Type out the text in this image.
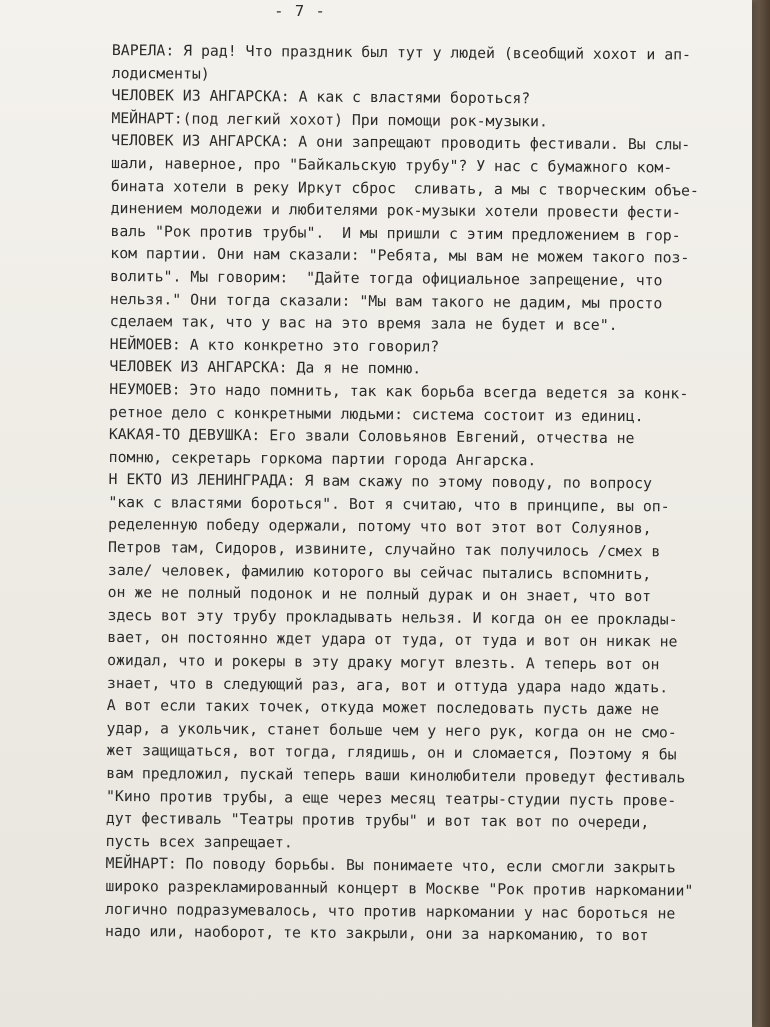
- 7 -
ВАРЕЛА: Я рад! Что праздник был тут у людей (всеобщий хохот и ап-
лодисменты)
ЧЕЛОВЕК ИЗ АНГАРСКА: А как с властями бороться?
МЕЙНАРТ:(под легкий хохот) При помощи рок-музыки.
ЧЕЛОВЕК ИЗ АНГАРСКА: А они запрещают проводить фестивали. Вы слы-
шали, наверное, про "Байкальскую трубу"? У нас с бумажного ком-
бината хотели в реку Иркут сброс  сливать, а мы с творческим объе-
динением молодежи и любителями рок-музыки хотели провести фести-
валь "Рок против трубы".  И мы пришли с этим предложением в гор-
ком партии. Они нам сказали: "Ребята, мы вам не можем такого поз-
волить". Мы говорим:  "Дайте тогда официальное запрещение, что
нельзя." Они тогда сказали: "Мы вам такого не дадим, мы просто
сделаем так, что у вас на это время зала не будет и все".
НЕЙМОЕВ: А кто конкретно это говорил?
ЧЕЛОВЕК ИЗ АНГАРСКА: Да я не помню.
НЕУМОЕВ: Это надо помнить, так как борьба всегда ведется за конк-
ретное дело с конкретными людьми: система состоит из единиц.
КАКАЯ-ТО ДЕВУШКА: Его звали Соловьянов Евгений, отчества не
помню, секретарь горкома партии города Ангарска.
Н ЕКТО ИЗ ЛЕНИНГРАДА: Я вам скажу по этому поводу, по вопросу
"как с властями бороться". Вот я считаю, что в принципе, вы оп-
ределенную победу одержали, потому что вот этот вот Солуянов,
Петров там, Сидоров, извините, случайно так получилось /смех в
зале/ человек, фамилию которого вы сейчас пытались вспомнить,
он же не полный подонок и не полный дурак и он знает, что вот
здесь вот эту трубу прокладывать нельзя. И когда он ее проклады-
вает, он постоянно ждет удара от туда, от туда и вот он никак не
ожидал, что и рокеры в эту драку могут влезть. А теперь вот он
знает, что в следующий раз, ага, вот и оттуда удара надо ждать.
А вот если таких точек, откуда может последовать пусть даже не
удар, а укольчик, станет больше чем у него рук, когда он не смо-
жет защищаться, вот тогда, глядишь, он и сломается, Поэтому я бы
вам предложил, пускай теперь ваши кинолюбители проведут фестиваль
"Кино против трубы, а еще через месяц театры-студии пусть прове-
дут фестиваль "Театры против трубы" и вот так вот по очереди,
пусть всех запрещает.
МЕЙНАРТ: По поводу борьбы. Вы понимаете что, если смогли закрыть
широко разрекламированный концерт в Москве "Рок против наркомании"
логично подразумевалось, что против наркомании у нас бороться не
надо или, наоборот, те кто закрыли, они за наркоманию, то вот
